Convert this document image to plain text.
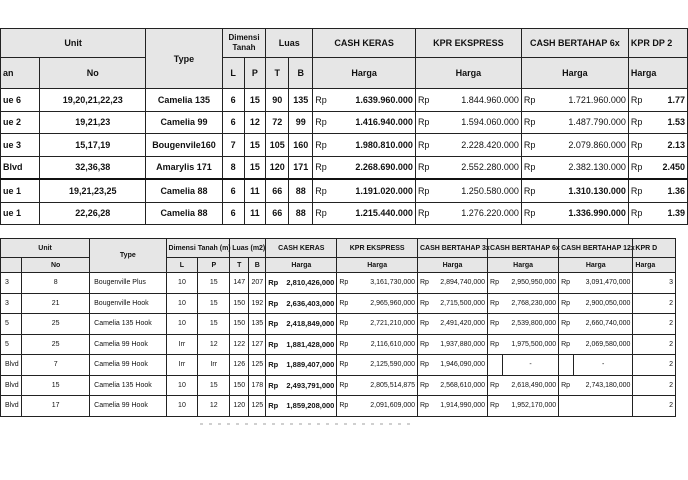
Unit		Type	Dimensi
Tanah		Luas		CASH KERAS		KPR EKSPRESS		CASH BERTAHAP 6x		KPR DP 2	
an	No		L	P	T	B	Harga		Harga		Harga		Harga	
ue 6	19,20,21,22,23	Camelia 135	6	15	90	135	Rp	1.639.960.000	Rp	1.844.960.000	Rp	1.721.960.000	Rp	1.77
ue 2	19,21,23	Camelia 99	6	12	72	99	Rp	1.416.940.000	Rp	1.594.060.000	Rp	1.487.790.000	Rp	1.53
ue 3	15,17,19	Bougenvile160	7	15	105	160	Rp	1.980.810.000	Rp	2.228.420.000	Rp	2.079.860.000	Rp	2.13
Blvd	32,36,38	Amarylis 171	8	15	120	171	Rp	2.268.690.000	Rp	2.552.280.000	Rp	2.382.130.000	Rp	2.450
ue 1	19,21,23,25	Camelia 88	6	11	66	88	Rp	1.191.020.000	Rp	1.250.580.000	Rp	1.310.130.000	Rp	1.36
ue 1	22,26,28	Camelia 88	6	11	66	88	Rp	1.215.440.000	Rp	1.276.220.000	Rp	1.336.990.000	Rp	1.39
Unit		Type	Dimensi Tanah (m)		Luas (m2)		CASH KERAS		KPR EKSPRESS		CASH BERTAHAP 3x		CASH BERTAHAP 6x		CASH BERTAHAP 12x		KPR D
	No		L	P	T	B	Harga		Harga		Harga		Harga		Harga		Harga
3	8	Bougenville Plus	10	15	147	207	Rp	2,810,426,000	Rp	3,161,730,000	Rp	2,894,740,000	Rp	2,950,950,000	Rp	3,091,470,000	3
3	21	Bougenville Hook	10	15	150	192	Rp	2,636,403,000	Rp	2,965,960,000	Rp	2,715,500,000	Rp	2,768,230,000	Rp	2,900,050,000	2
5	25	Camelia 135 Hook	10	15	150	135	Rp	2,418,849,000	Rp	2,721,210,000	Rp	2,491,420,000	Rp	2,539,800,000	Rp	2,660,740,000	2
5	25	Camelia 99 Hook	Irr	12	122	127	Rp	1,881,428,000	Rp	2,116,610,000	Rp	1,937,880,000	Rp	1,975,500,000	Rp	2,069,580,000	2
Blvd	7	Camelia 99 Hook	Irr	Irr	126	125	Rp	1,889,407,000	Rp	2,125,590,000	Rp	1,946,090,000		-		-	2
Blvd	15	Camelia 135 Hook	10	15	150	178	Rp	2,493,791,000	Rp	2,805,514,875	Rp	2,568,610,000	Rp	2,618,490,000	Rp	2,743,180,000	2
Blvd	17	Camelia 99 Hook	10	12	120	125	Rp	1,859,208,000	Rp	2,091,609,000	Rp	1,914,990,000	Rp	1,952,170,000			2
